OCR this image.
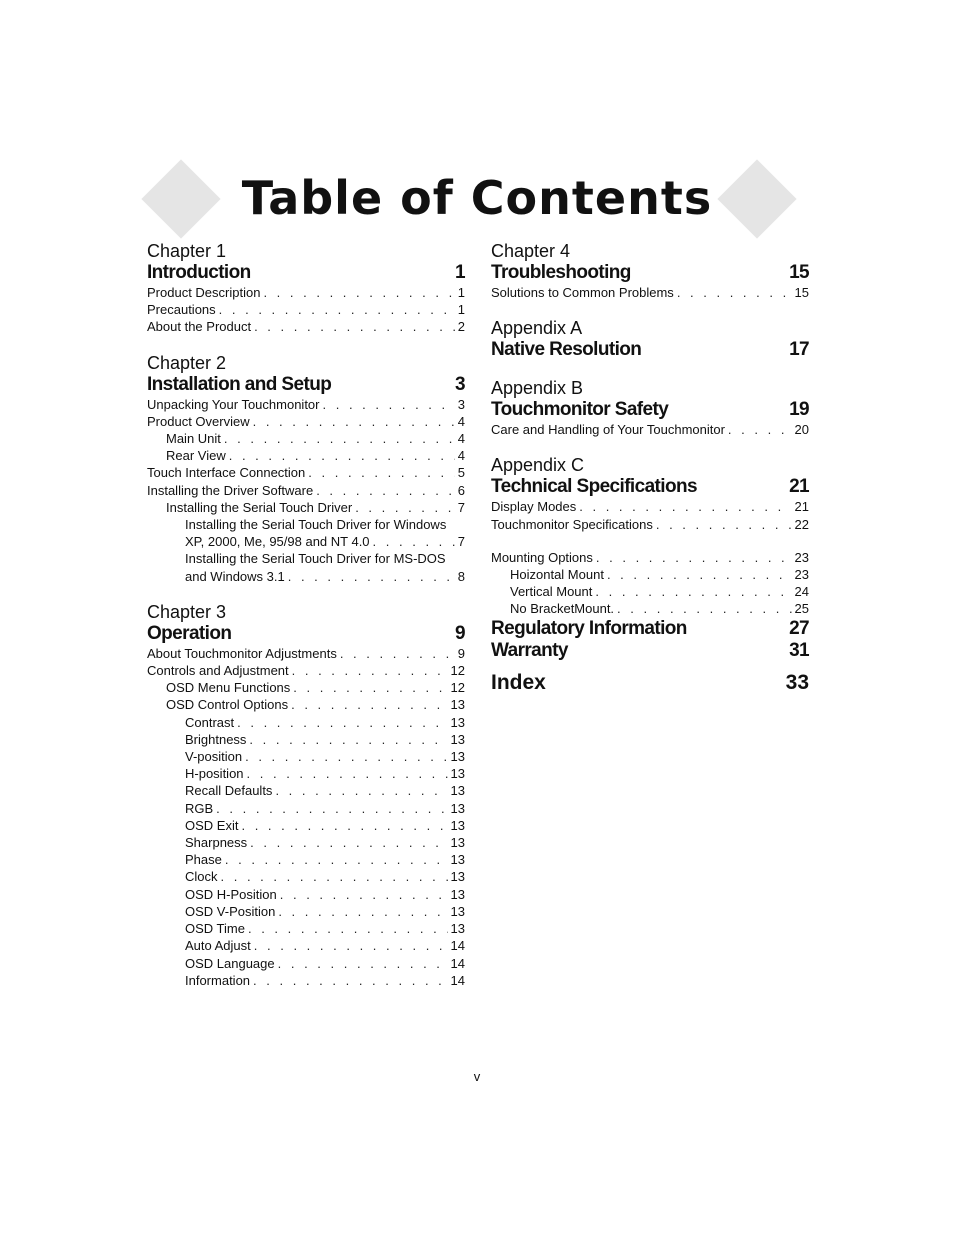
Table of Contents
Chapter 1
Introduction	1
Product Description . . .	1
Precautions . . .	1
About the Product . . .	2
Chapter 2
Installation and Setup	3
Unpacking Your Touchmonitor . . .	3
Product Overview . . .	4
Main Unit . . .	4
Rear View . . .	4
Touch Interface Connection . . .	5
Installing the Driver Software . . .	6
Installing the Serial Touch Driver . . .	7
Installing the Serial Touch Driver for Windows
XP, 2000, Me, 95/98 and NT 4.0 . . .	7
Installing the Serial Touch Driver for MS-DOS
and Windows 3.1 . . .	8
Chapter 3
Operation	9
About Touchmonitor Adjustments . . .	9
Controls and Adjustment . . .	12
OSD Menu Functions . . .	12
OSD Control Options . . .	13
Contrast . . .	13
Brightness . . .	13
V-position . . .	13
H-position . . .	13
Recall Defaults . . .	13
RGB . . .	13
OSD Exit . . .	13
Sharpness . . .	13
Phase . . .	13
Clock . . .	13
OSD H-Position . . .	13
OSD V-Position . . .	13
OSD Time . . .	13
Auto Adjust . . .	14
OSD Language . . .	14
Information . . .	14
Chapter 4
Troubleshooting	15
Solutions to Common Problems . . .	15
Appendix A
Native Resolution	17
Appendix B
Touchmonitor Safety	19
Care and Handling of Your Touchmonitor . . .	20
Appendix C
Technical Specifications	21
Display Modes . . .	21
Touchmonitor Specifications . . .	22
Mounting Options . . .	23
Hoizontal Mount . . .	23
Vertical Mount . . .	24
No BracketMount. . . .	25
Regulatory Information	27
Warranty	31
Index	33
v
